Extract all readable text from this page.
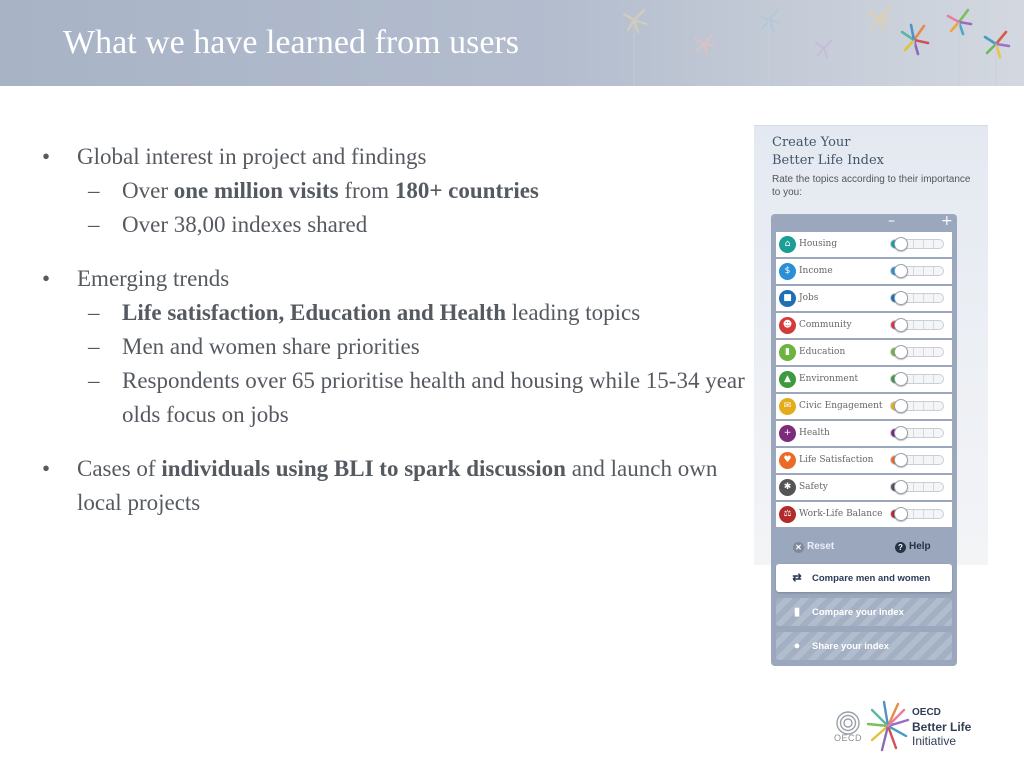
What we have learned from users
• Global interest in project and findings
– Over one million visits from 180+ countries
– Over 38,00 indexes shared
• Emerging trends
– Life satisfaction, Education and Health leading topics
– Men and women share priorities
– Respondents over 65 prioritise health and housing while 15-34 year olds focus on jobs
• Cases of individuals using BLI to spark discussion and launch own local projects
Create Your
Better Life Index
Rate the topics according to their importance to you:
–	+
⌂ Housing
$ Income
■ Jobs
☻ Community
▮	Education
▲ Environment
✉ Civic Engagement
+ Health
♥ Life Satisfaction
✱ Safety
⚖ Work-Life Balance
✕ Reset	? Help
⇄ Compare men and women
▮ Compare your index
● Share your index
OECD
OECD
Better Life
Initiative
